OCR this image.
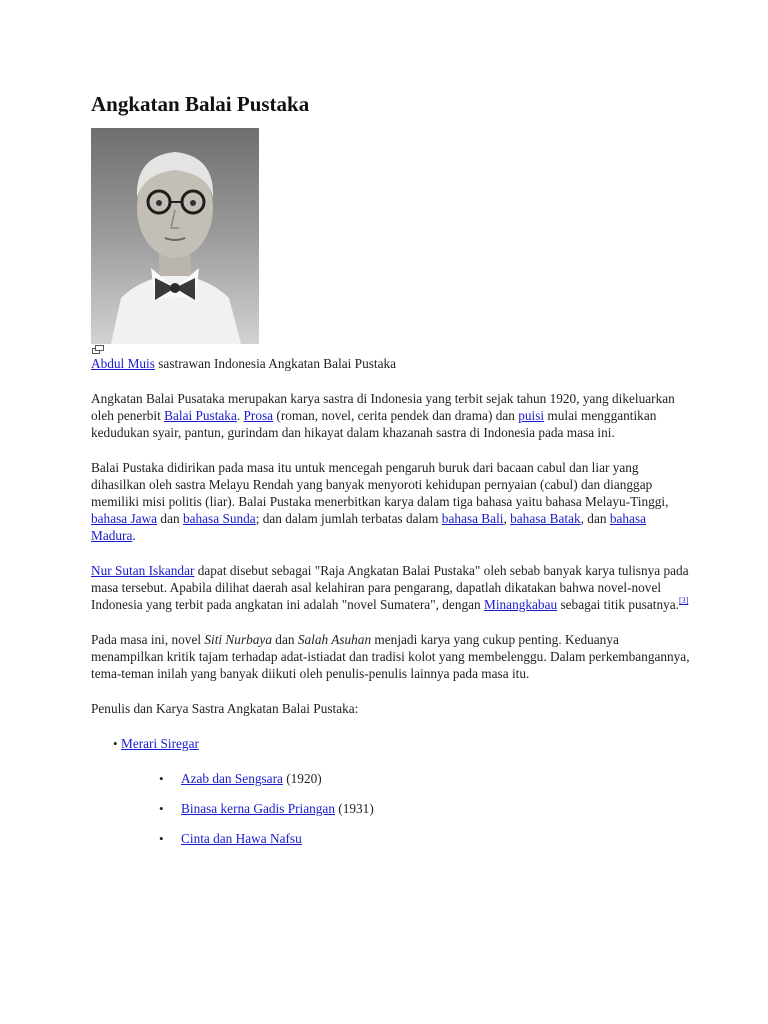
Angkatan Balai Pustaka

Abdul Muis sastrawan Indonesia Angkatan Balai Pustaka

Angkatan Balai Pusataka merupakan karya sastra di Indonesia yang terbit sejak tahun 1920, yang dikeluarkan oleh penerbit Balai Pustaka. Prosa (roman, novel, cerita pendek dan drama) dan puisi mulai menggantikan kedudukan syair, pantun, gurindam dan hikayat dalam khazanah sastra di Indonesia pada masa ini.

Balai Pustaka didirikan pada masa itu untuk mencegah pengaruh buruk dari bacaan cabul dan liar yang dihasilkan oleh sastra Melayu Rendah yang banyak menyoroti kehidupan pernyaian (cabul) dan dianggap memiliki misi politis (liar). Balai Pustaka menerbitkan karya dalam tiga bahasa yaitu bahasa Melayu-Tinggi, bahasa Jawa dan bahasa Sunda; dan dalam jumlah terbatas dalam bahasa Bali, bahasa Batak, dan bahasa Madura.

Nur Sutan Iskandar dapat disebut sebagai "Raja Angkatan Balai Pustaka" oleh sebab banyak karya tulisnya pada masa tersebut. Apabila dilihat daerah asal kelahiran para pengarang, dapatlah dikatakan bahwa novel-novel Indonesia yang terbit pada angkatan ini adalah "novel Sumatera", dengan Minangkabau sebagai titik pusatnya.[3]

Pada masa ini, novel Siti Nurbaya dan Salah Asuhan menjadi karya yang cukup penting. Keduanya menampilkan kritik tajam terhadap adat-istiadat dan tradisi kolot yang membelenggu. Dalam perkembangannya, tema-teman inilah yang banyak diikuti oleh penulis-penulis lainnya pada masa itu.

Penulis dan Karya Sastra Angkatan Balai Pustaka:

• Merari Siregar
• Azab dan Sengsara (1920)
• Binasa kerna Gadis Priangan (1931)
• Cinta dan Hawa Nafsu
